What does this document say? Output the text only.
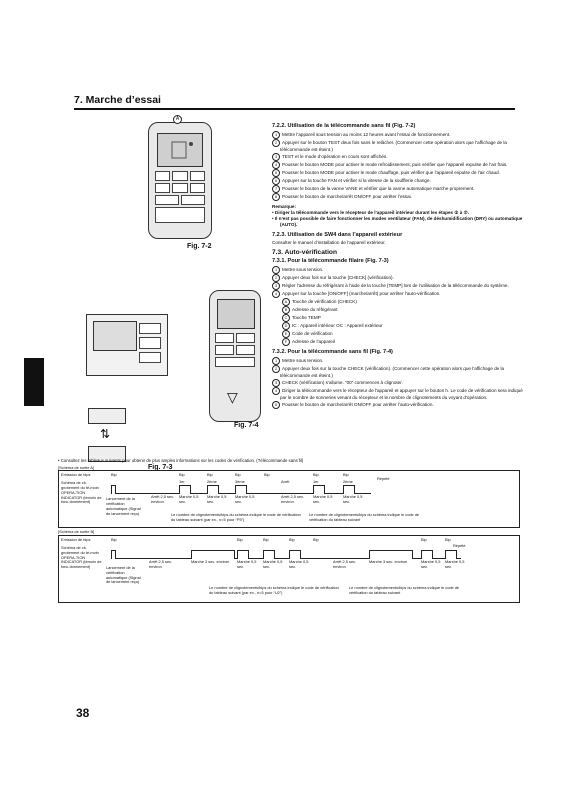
7. Marche d’essai
A
Fig. 7-2
⇅
Fig. 7-3
▽
Fig. 7-4
7.2.2. Utilisation de la télécommande sans fil (Fig. 7-2)
1 Mettre l’appareil sous tension au moins 12 heures avant l’essai de fonctionnement.
2 Appuyer sur le bouton TEST deux fois sans le relâcher. (Commencer cette opération alors que l’affichage de la télécommande est éteint.)
3 TEST et le mode d’opération en cours sont affichés.
4 Pousser le bouton MODE pour activer le mode refroidissement, puis vérifier que l’appareil expulse de l’air frais.
5 Pousser le bouton MODE pour activer le mode chauffage, puis vérifier que l’appareil expulse de l’air chaud.
6 Appuyer sur la touche FAN et vérifier si la vitesse de la soufflerie change.
7 Pousser le bouton de la vanne VANE et vérifier que la vanne automatique marche proprement.
8 Pousser le bouton de marche/arrêt ON/OFF pour arrêter l’essai.
Remarque:
• Diriger la télécommande vers le récepteur de l’appareil intérieur durant les étapes ② à ⑦.
• Il n’est pas possible de faire fonctionner les modes ventilateur (FAN), de déshumidification (DRY) ou automatique (AUTO).
7.2.3. Utilisation de SW4 dans l’appareil extérieur
Consulter le manuel d’installation de l’appareil extérieur.
7.3. Auto-vérification
7.3.1. Pour la télécommande filaire (Fig. 7-3)
1 Mettre sous tension.
2 Appuyer deux fois sur la touche [CHECK] (vérification).
3 Régler l’adresse du réfrigérant à l’aide de la touche [TEMP] lors de l’utilisation de la télécommande du système.
4 Appuyer sur la touche [ON/OFF] (marche/arrêt) pour arrêter l’auto-vérification.
A Touche de vérification (CHECK)
B Adresse du réfrigérant
C Touche TEMP
D IC : Appareil intérieur OC : Appareil extérieur
E Code de vérification
F Adresse de l’appareil
7.3.2. Pour la télécommande sans fil (Fig. 7-4)
1 Mettre sous tension.
2 Appuyer deux fois sur la touche CHECK (vérification). (Commencer cette opération alors que l’affichage de la télécommande est éteint.)
3 CHECK (vérification) s’allume. “00” commences à clignoter.
4 Diriger la télécommande vers le récepteur de l’appareil et appuyer sur le bouton h. Le code de vérification sera indiqué par le nombre de sonneries venant du récepteur et le nombre de clignotements du voyant d’opération.
5 Pousser le bouton de marche/arrêt ON/OFF pour arrêter l’auto-vérification.
• Consultez les tableaux suivants pour obtenir de plus amples informations sur les codes de vérification. (Télécommande sans fil)
[Schéma de sortie A]
Emission de bips
Schéma de cli-gnotement du té-moin OPERA-TION INDICATOR (témoin de fonc-tionnement)
Lancement de la vérification automatique (Signal de lancement reçu)
Bip	Bip	Bip	Bip	Bip	Bip	Bip
Répété
1er	2ème	3ème	Arrêt	1er	2ème
Arrêt 2,5 sec. environ
Marche 0,5 sec.
Marche 0,5 sec.
Marche 0,5 sec.
Arrêt 2,5 sec. environ
Marche 0,5 sec.
Marche 0,5 sec.
Le nombre de clignotements/bips du schéma indique le code de vérification du tableau suivant (par ex., n=5 pour “P5”)
Le nombre de clignotements/bips du schéma indique le code de vérification du tableau suivant
[Schéma de sortie B]
Emission de bips
Schéma de cli-gnotement du té-moin OPERA-TION INDICATOR (témoin de fonc-tionnement)	Lancement de la vérification automatique (Signal de lancement reçu)
Bip	Bip	Bip	Bip	Bip	Bip	Bip
Répété
Arrêt 2,5 sec. environ
Marche 3 sec. environ	Marche 0,5 sec.
Marche 0,5 sec.
Marche 0,5 sec.
Arrêt 2,5 sec. environ
Marche 3 sec. environ	Marche 0,5 sec.
Marche 0,5 sec.
Le nombre de clignotements/bips du schéma indique le code de vérification du tableau suivant (par ex., n=5 pour “U2”)
Le nombre de clignotements/bips du schéma indique le code de vérification du tableau suivant
38
